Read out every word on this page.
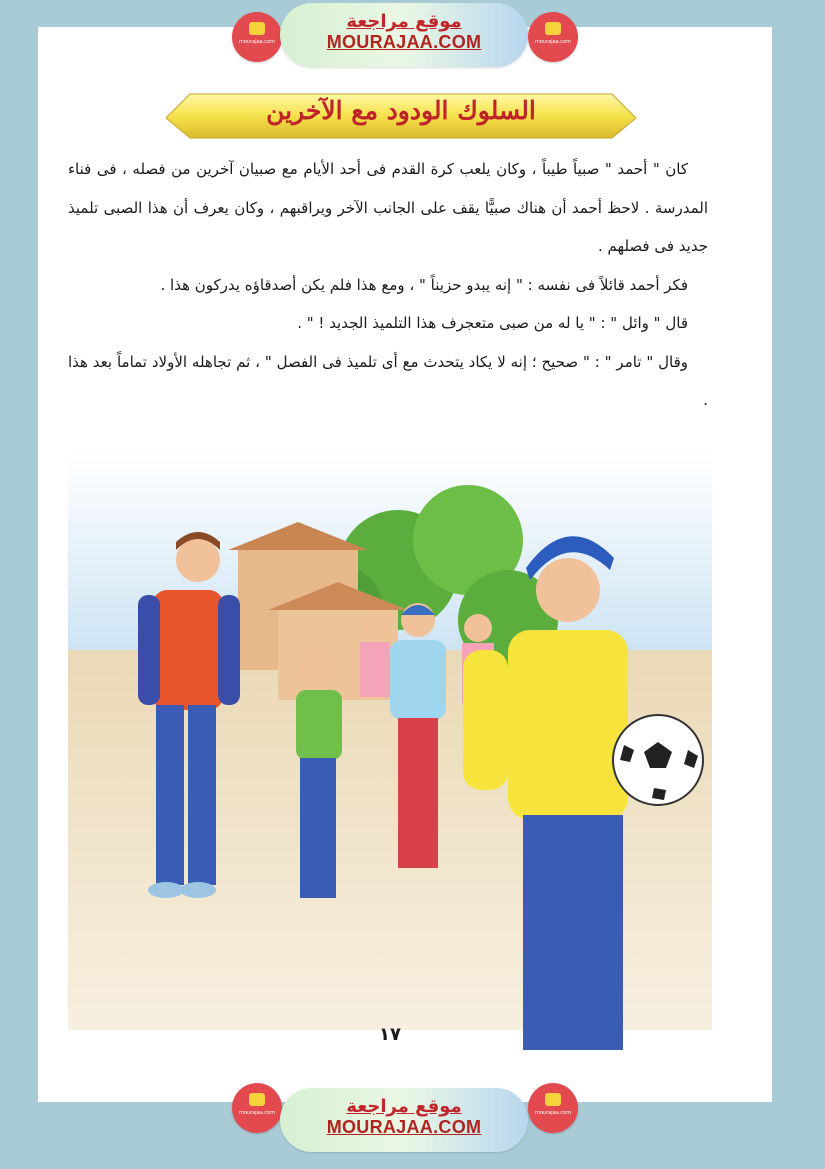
mourajaa.com
موقع مراجعة
MOURAJAA.COM	mourajaa.com
السلوك الودود مع الآخرين

كان " أحمد " صبياً طيباً ، وكان يلعب كرة القدم فى أحد الأيام مع صبيان آخرين من فصله ، فى فناء المدرسة . لاحظ أحمد أن هناك صبيًّا يقف على الجانب الآخر ويراقبهم ، وكان يعرف أن هذا الصبى تلميذ جديد فى فصلهم .

فكر أحمد قائلاً فى نفسه : " إنه يبدو حزيناً " ، ومع هذا فلم يكن أصدقاؤه يدركون هذا .

قال " وائل " : " يا له من صبى متعجرف هذا التلميذ الجديد ! " .

وقال " تامر " : " صحيح ؛ إنه لا يكاد يتحدث مع أى تلميذ فى الفصل " ، ثم تجاهله الأولاد تماماً بعد هذا .

١٧
mourajaa.com	موقع مراجعة
MOURAJAA.COM
mourajaa.com
